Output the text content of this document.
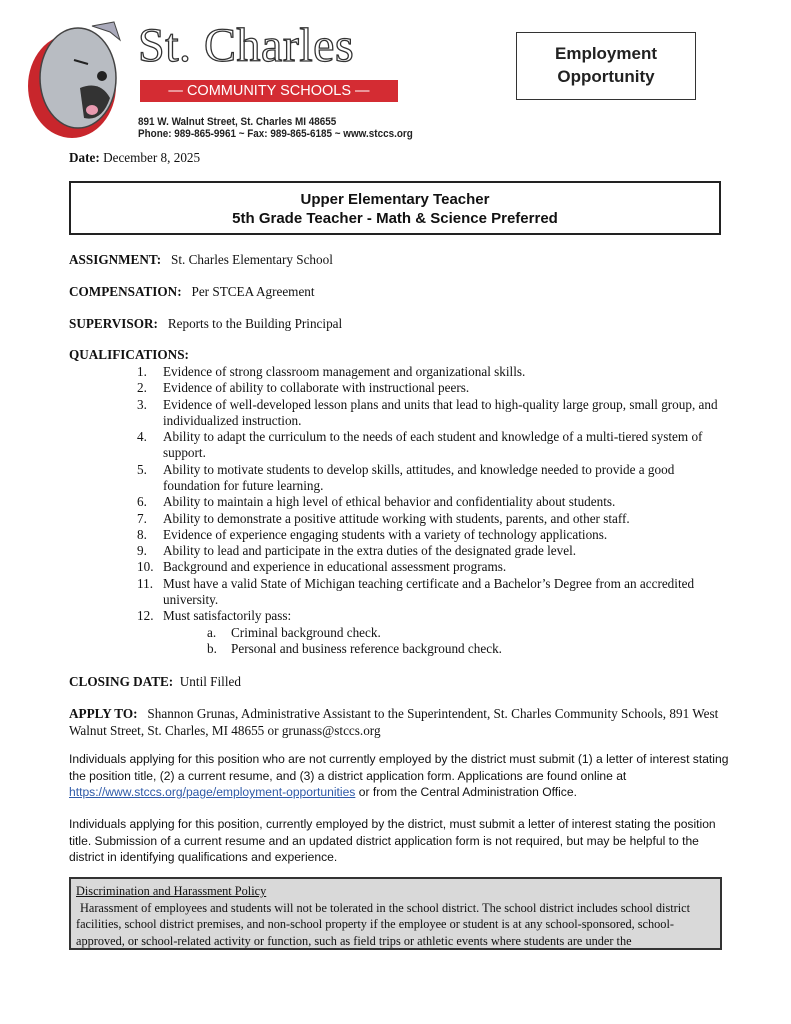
St. Charles
— COMMUNITY SCHOOLS —
891 W. Walnut Street, St. Charles MI 48655
Phone: 989-865-9961 ~ Fax: 989-865-6185 ~ www.stccs.org
Employment
Opportunity
Date: December 8, 2025
Upper Elementary Teacher
5th Grade Teacher - Math & Science Preferred
ASSIGNMENT: St. Charles Elementary School
COMPENSATION: Per STCEA Agreement
SUPERVISOR: Reports to the Building Principal
QUALIFICATIONS:
1. Evidence of strong classroom management and organizational skills.
2. Evidence of ability to collaborate with instructional peers.
3. Evidence of well-developed lesson plans and units that lead to high-quality large group, small group, and individualized instruction.
4. Ability to adapt the curriculum to the needs of each student and knowledge of a multi-tiered system of support.
5. Ability to motivate students to develop skills, attitudes, and knowledge needed to provide a good foundation for future learning.
6. Ability to maintain a high level of ethical behavior and confidentiality about students.
7. Ability to demonstrate a positive attitude working with students, parents, and other staff.
8. Evidence of experience engaging students with a variety of technology applications.
9. Ability to lead and participate in the extra duties of the designated grade level.
10. Background and experience in educational assessment programs.
11. Must have a valid State of Michigan teaching certificate and a Bachelor’s Degree from an accredited university.
12. Must satisfactorily pass:
a. Criminal background check.
b. Personal and business reference background check.
CLOSING DATE: Until Filled
APPLY TO: Shannon Grunas, Administrative Assistant to the Superintendent, St. Charles Community Schools, 891 West Walnut Street, St. Charles, MI 48655 or grunass@stccs.org
Individuals applying for this position who are not currently employed by the district must submit (1) a letter of interest stating the position title, (2) a current resume, and (3) a district application form. Applications are found online at https://www.stccs.org/page/employment-opportunities or from the Central Administration Office.
Individuals applying for this position, currently employed by the district, must submit a letter of interest stating the position title. Submission of a current resume and an updated district application form is not required, but may be helpful to the district in identifying qualifications and experience.
Discrimination and Harassment Policy
Harassment of employees and students will not be tolerated in the school district. The school district includes school district facilities, school district premises, and non-school property if the employee or student is at any school-sponsored, school-approved, or school-related activity or function, such as field trips or athletic events where students are under the
